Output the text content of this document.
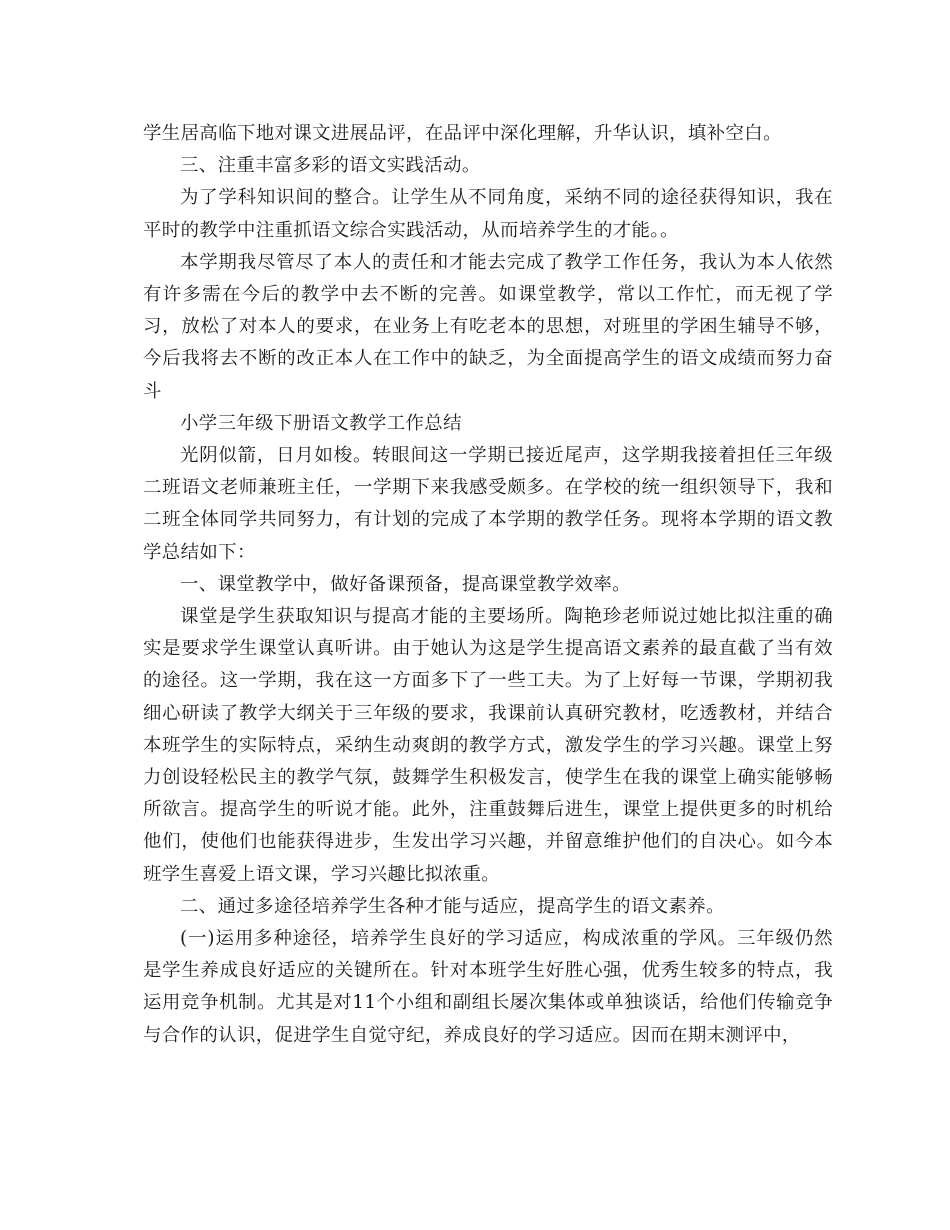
学生居高临下地对课文进展品评，在品评中深化理解，升华认识，填补空白。

三、注重丰富多彩的语文实践活动。

为了学科知识间的整合。让学生从不同角度，采纳不同的途径获得知识，我在平时的教学中注重抓语文综合实践活动，从而培养学生的才能。。

本学期我尽管尽了本人的责任和才能去完成了教学工作任务，我认为本人依然有许多需在今后的教学中去不断的完善。如课堂教学，常以工作忙，而无视了学习，放松了对本人的要求，在业务上有吃老本的思想，对班里的学困生辅导不够，今后我将去不断的改正本人在工作中的缺乏，为全面提高学生的语文成绩而努力奋斗

小学三年级下册语文教学工作总结

光阴似箭，日月如梭。转眼间这一学期已接近尾声，这学期我接着担任三年级二班语文老师兼班主任，一学期下来我感受颇多。在学校的统一组织领导下，我和二班全体同学共同努力，有计划的完成了本学期的教学任务。现将本学期的语文教学总结如下：

一、课堂教学中，做好备课预备，提高课堂教学效率。

课堂是学生获取知识与提高才能的主要场所。陶艳珍老师说过她比拟注重的确实是要求学生课堂认真听讲。由于她认为这是学生提高语文素养的最直截了当有效的途径。这一学期，我在这一方面多下了一些工夫。为了上好每一节课，学期初我细心研读了教学大纲关于三年级的要求，我课前认真研究教材，吃透教材，并结合本班学生的实际特点，采纳生动爽朗的教学方式，激发学生的学习兴趣。课堂上努力创设轻松民主的教学气氛，鼓舞学生积极发言，使学生在我的课堂上确实能够畅所欲言。提高学生的听说才能。此外，注重鼓舞后进生，课堂上提供更多的时机给他们，使他们也能获得进步，生发出学习兴趣，并留意维护他们的自决心。如今本班学生喜爱上语文课，学习兴趣比拟浓重。

二、通过多途径培养学生各种才能与适应，提高学生的语文素养。

(一)运用多种途径，培养学生良好的学习适应，构成浓重的学风。三年级仍然是学生养成良好适应的关键所在。针对本班学生好胜心强，优秀生较多的特点，我运用竞争机制。尤其是对11个小组和副组长屡次集体或单独谈话，给他们传输竞争与合作的认识，促进学生自觉守纪，养成良好的学习适应。因而在期末测评中，
